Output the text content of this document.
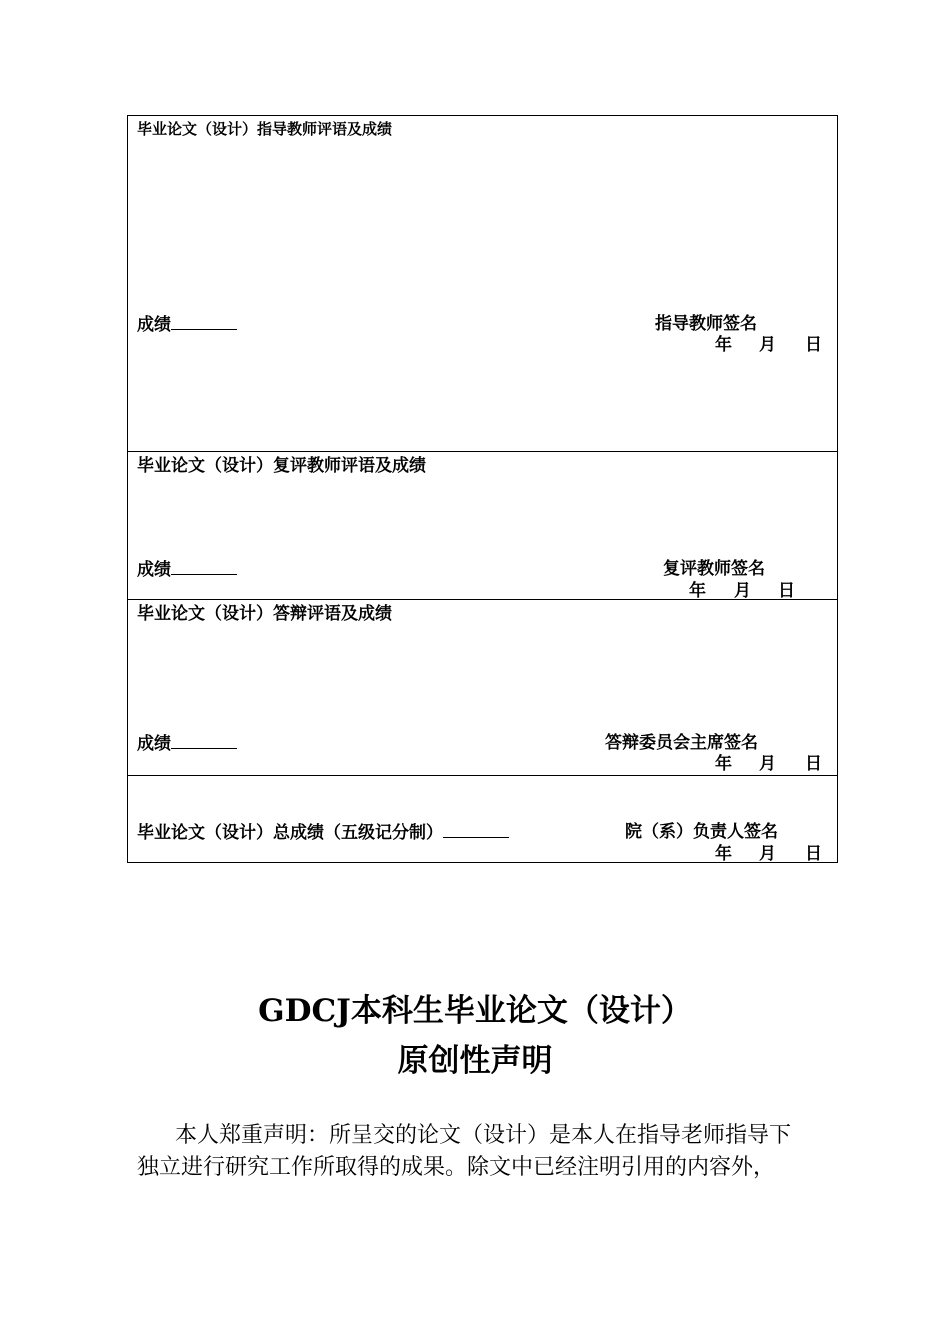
毕业论文（设计）指导教师评语及成绩
成绩	指导教师签名
年 月 日
毕业论文（设计）复评教师评语及成绩
成绩	复评教师签名
年 月 日
毕业论文（设计）答辩评语及成绩
成绩	答辩委员会主席签名
年 月 日
毕业论文（设计）总成绩（五级记分制）	院（系）负责人签名
年 月 日
GDCJ本科生毕业论文（设计）
原创性声明
本人郑重声明：所呈交的论文（设计）是本人在指导老师指导下
独立进行研究工作所取得的成果。除文中已经注明引用的内容外，
